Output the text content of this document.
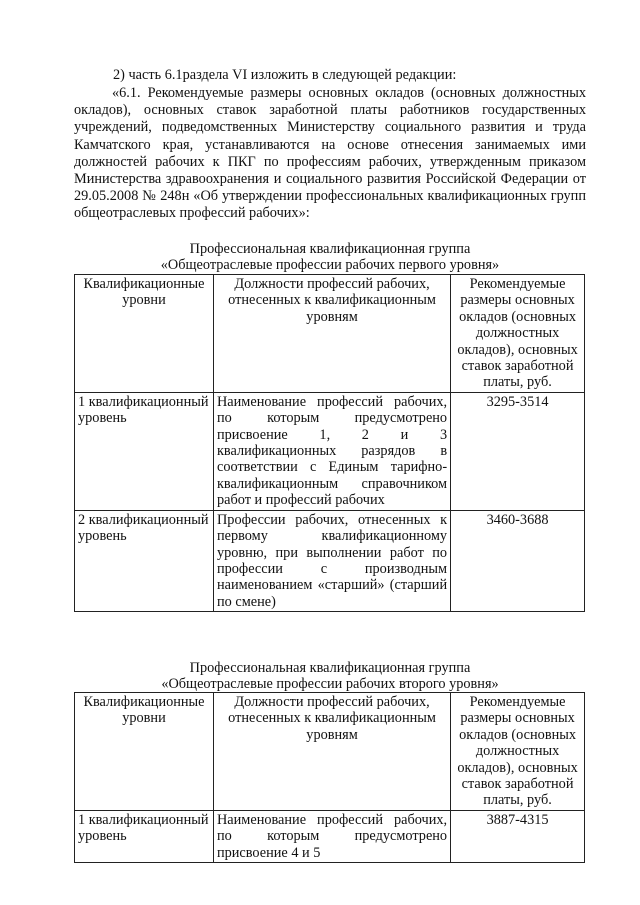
2) часть 6.1раздела VI изложить в следующей редакции:

«6.1. Рекомендуемые размеры основных окладов (основных должностных окладов), основных ставок заработной платы работников государственных учреждений, подведомственных Министерству социального развития и труда Камчатского края, устанавливаются на основе отнесения занимаемых ими должностей рабочих к ПКГ по профессиям рабочих, утвержденным приказом Министерства здравоохранения и социального развития Российской Федерации от 29.05.2008 № 248н «Об утверждении профессиональных квалификационных групп общеотраслевых профессий рабочих»:

Профессиональная квалификационная группа
«Общеотраслевые профессии рабочих первого уровня»

Квалификационные уровни	Должности профессий рабочих, отнесенных к квалификационным уровням	Рекомендуемые размеры основных окладов (основных должностных окладов), основных ставок заработной платы, руб.
1 квалификационный уровень	Наименование профессий рабочих, по которым предусмотрено присвоение 1, 2 и 3 квалификационных разрядов в соответствии с Единым тарифно-квалификационным справочником работ и профессий рабочих	3295-3514
2 квалификационный уровень	Профессии рабочих, отнесенных к первому квалификационному уровню, при выполнении работ по профессии с производным наименованием «старший» (старший по смене)	3460-3688

Профессиональная квалификационная группа
«Общеотраслевые профессии рабочих второго уровня»

Квалификационные уровни	Должности профессий рабочих, отнесенных к квалификационным уровням	Рекомендуемые размеры основных окладов (основных должностных окладов), основных ставок заработной платы, руб.
1 квалификационный уровень	Наименование профессий рабочих, по которым предусмотрено присвоение 4 и 5	3887-4315
